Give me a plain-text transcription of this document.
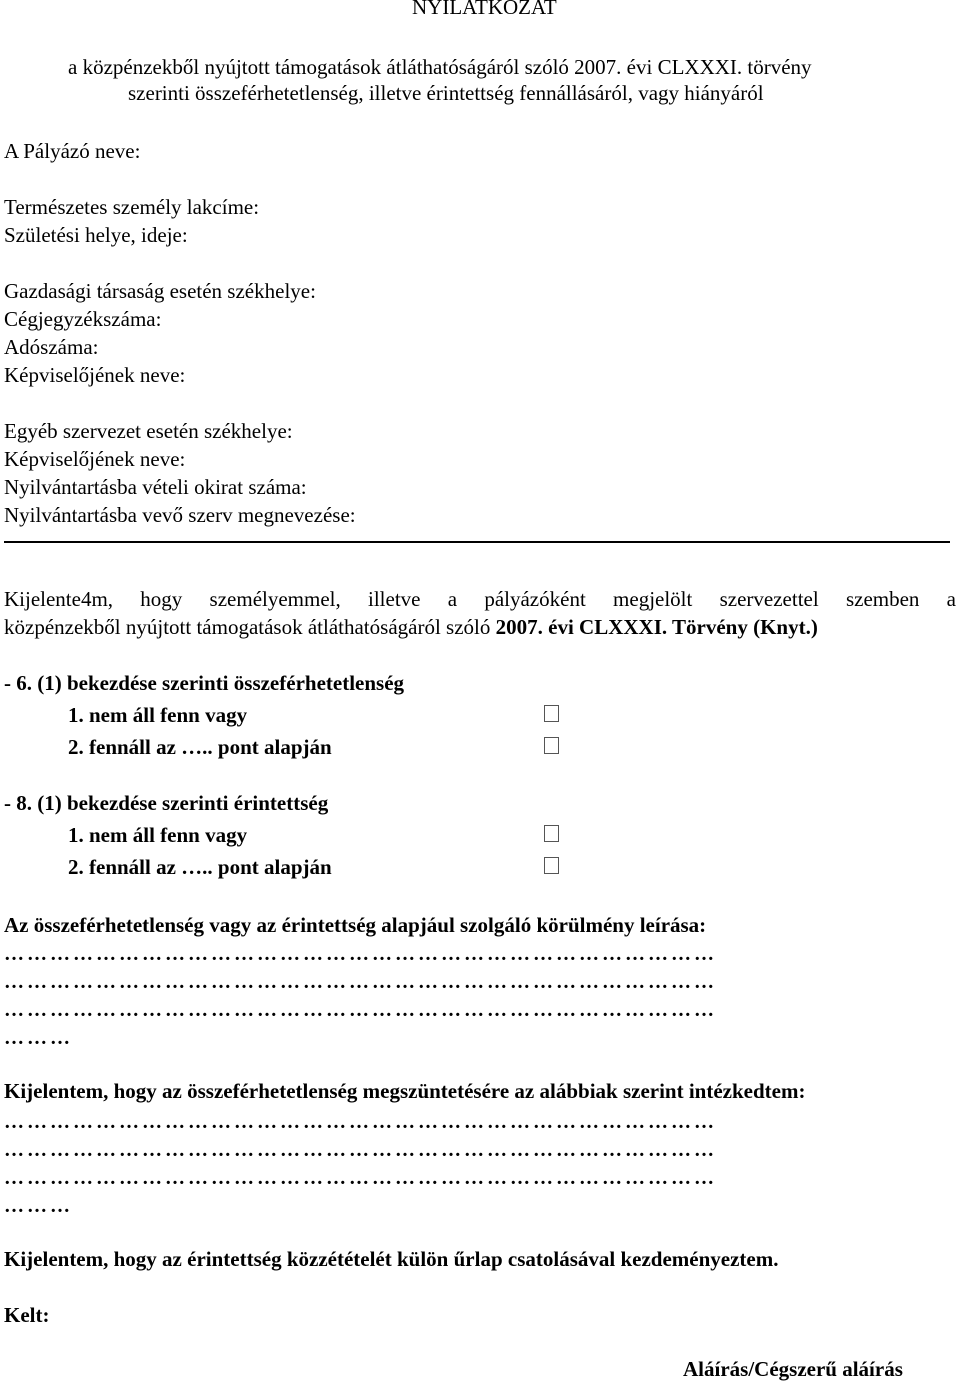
NYILATKOZAT
a közpénzekből nyújtott támogatások átláthatóságáról szóló 2007. évi CLXXXI. törvény
szerinti összeférhetetlenség, illetve érintettség fennállásáról, vagy hiányáról
A Pályázó neve:
Természetes személy lakcíme:
Születési helye, ideje:
Gazdasági társaság esetén székhelye:
Cégjegyzékszáma:
Adószáma:
Képviselőjének neve:
Egyéb szervezet esetén székhelye:
Képviselőjének neve:
Nyilvántartásba vételi okirat száma:
Nyilvántartásba vevő szerv megnevezése:
Kijelente4m, hogy személyemmel, illetve a pályázóként megjelölt szervezettel szemben a
közpénzekből nyújtott támogatások átláthatóságáról szóló 2007. évi CLXXXI. Törvény (Knyt.)
- 6. (1) bekezdése szerinti összeférhetetlenség
1. nem áll fenn vagy
2. fennáll az ….. pont alapján
- 8. (1) bekezdése szerinti érintettség
1. nem áll fenn vagy
2. fennáll az ….. pont alapján
Az összeférhetetlenség vagy az érintettség alapjául szolgáló körülmény leírása:
…………………………………………………………………………………
…………………………………………………………………………………
…………………………………………………………………………………
………
Kijelentem, hogy az összeférhetetlenség megszüntetésére az alábbiak szerint intézkedtem:
…………………………………………………………………………………
…………………………………………………………………………………
…………………………………………………………………………………
………
Kijelentem, hogy az érintettség közzétételét külön űrlap csatolásával kezdeményeztem.
Kelt:
Aláírás/Cégszerű aláírás
